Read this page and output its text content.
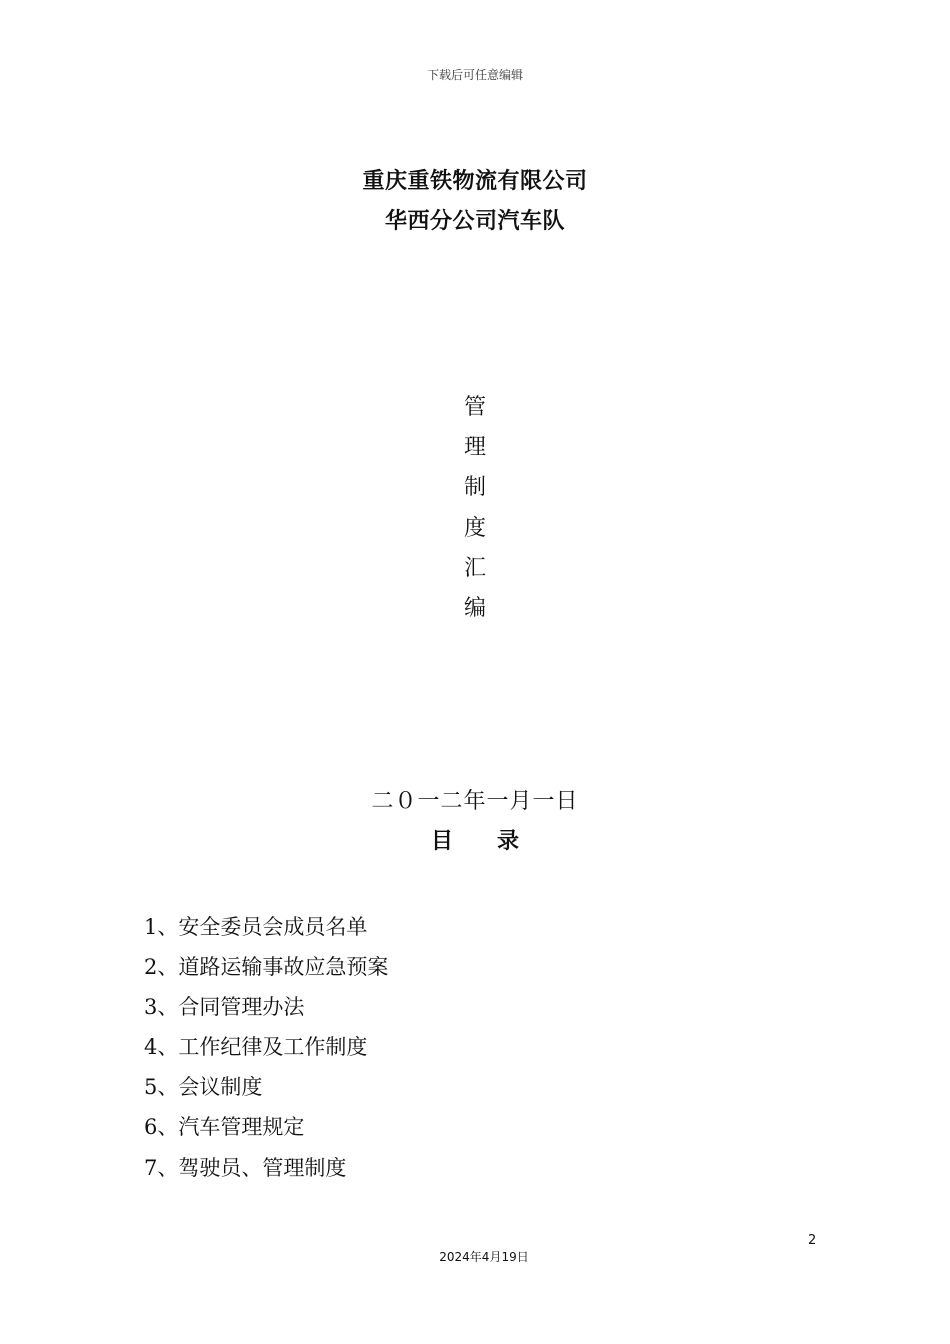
下载后可任意编辑
重庆重铁物流有限公司
华西分公司汽车队
管
理
制
度
汇
编
二０一二年一月一日
目　　录
1、安全委员会成员名单
2、道路运输事故应急预案
3、合同管理办法
4、工作纪律及工作制度
5、会议制度
6、汽车管理规定
7、驾驶员、管理制度
2
2024年4月19日
